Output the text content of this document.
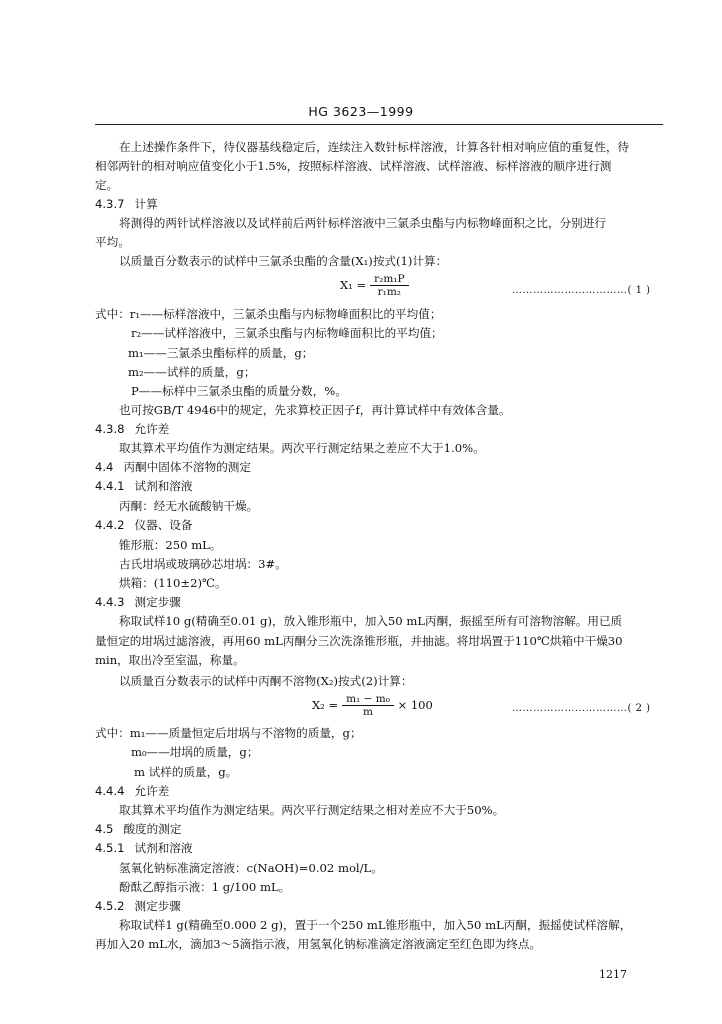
HG 3623—1999
在上述操作条件下，待仪器基线稳定后，连续注入数针标样溶液，计算各针相对响应值的重复性，待
相邻两针的相对响应值变化小于1.5%，按照标样溶液、试样溶液、试样溶液、标样溶液的顺序进行测
定。
4.3.7 计算
将测得的两针试样溶液以及试样前后两针标样溶液中三氯杀虫酯与内标物峰面积之比，分别进行
平均。
以质量百分数表示的试样中三氯杀虫酯的含量(X₁)按式(1)计算：
$X_1 = \frac{\text{r₂m₁P}}{\text{r₁m₂}}$	……………………………( 1 )
式中：r₁——标样溶液中，三氯杀虫酯与内标物峰面积比的平均值；
r₂——试样溶液中，三氯杀虫酯与内标物峰面积比的平均值；
m₁——三氯杀虫酯标样的质量，g；
m₂——试样的质量，g；
P——标样中三氯杀虫酯的质量分数，%。
也可按GB/T 4946中的规定，先求算校正因子f，再计算试样中有效体含量。
4.3.8 允许差
取其算术平均值作为测定结果。两次平行测定结果之差应不大于1.0%。
4.4 丙酮中固体不溶物的测定
4.4.1 试剂和溶液
丙酮：经无水硫酸钠干燥。
4.4.2 仪器、设备
锥形瓶：250 mL。
古氏坩埚或玻璃砂芯坩埚：3#。
烘箱：(110±2)℃。
4.4.3 测定步骤
称取试样10 g(精确至0.01 g)，放入锥形瓶中，加入50 mL丙酮，振摇至所有可溶物溶解。用已质
量恒定的坩埚过滤溶液，再用60 mL丙酮分三次洗涤锥形瓶，并抽滤。将坩埚置于110℃烘箱中干燥30
min，取出冷至室温，称量。
以质量百分数表示的试样中丙酮不溶物(X₂)按式(2)计算：
$X_2 = \frac{\text{m₁ − m₀}}{m} \times 100$	……………………………( 2 )
式中：m₁——质量恒定后坩埚与不溶物的质量，g；
m₀——坩埚的质量，g；
m 试样的质量，g。
4.4.4 允许差
取其算术平均值作为测定结果。两次平行测定结果之相对差应不大于50%。
4.5 酸度的测定
4.5.1 试剂和溶液
氢氧化钠标准滴定溶液：c(NaOH)=0.02 mol/L。
酚酞乙醇指示液：1 g/100 mL。
4.5.2 测定步骤
称取试样1 g(精确至0.000 2 g)，置于一个250 mL锥形瓶中，加入50 mL丙酮，振摇使试样溶解，
再加入20 mL水，滴加3～5滴指示液，用氢氧化钠标准滴定溶液滴定至红色即为终点。
1217
